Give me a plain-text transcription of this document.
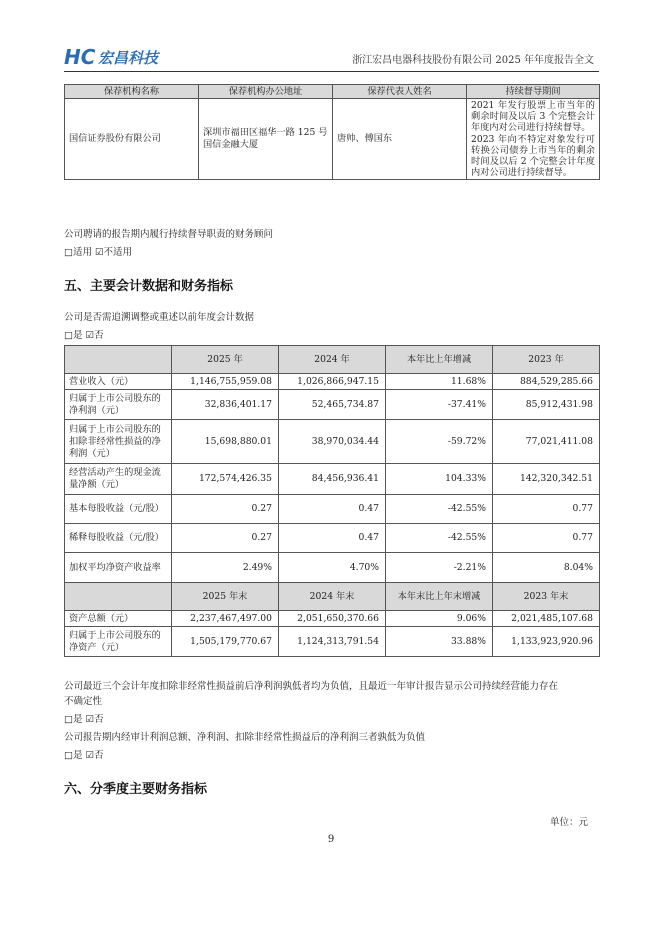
HC 宏昌科技	浙江宏昌电器科技股份有限公司 2025 年年度报告全文
保荐机构名称	保荐机构办公地址	保荐代表人姓名	持续督导期间
国信证券股份有限公司	深圳市福田区福华一路 125 号国信金融大厦	唐帅、傅国东	2021 年发行股票上市当年的剩余时间及以后 3 个完整会计年度内对公司进行持续督导。
2023 年向不特定对象发行可转换公司债券上市当年的剩余时间及以后 2 个完整会计年度内对公司进行持续督导。
公司聘请的报告期内履行持续督导职责的财务顾问
□适用 ☑不适用
五、主要会计数据和财务指标
公司是否需追溯调整或重述以前年度会计数据
□是 ☑否
	2025 年	2024 年	本年比上年增减	2023 年
营业收入（元）	1,146,755,959.08	1,026,866,947.15	11.68%	884,529,285.66
归属于上市公司股东的净利润（元）	32,836,401.17	52,465,734.87	-37.41%	85,912,431.98
归属于上市公司股东的扣除非经常性损益的净利润（元）	15,698,880.01	38,970,034.44	-59.72%	77,021,411.08
经营活动产生的现金流量净额（元）	172,574,426.35	84,456,936.41	104.33%	142,320,342.51
基本每股收益（元/股）	0.27	0.47	-42.55%	0.77
稀释每股收益（元/股）	0.27	0.47	-42.55%	0.77
加权平均净资产收益率	2.49%	4.70%	-2.21%	8.04%
	2025 年末	2024 年末	本年末比上年末增减	2023 年末
资产总额（元）	2,237,467,497.00	2,051,650,370.66	9.06%	2,021,485,107.68
归属于上市公司股东的净资产（元）	1,505,179,770.67	1,124,313,791.54	33.88%	1,133,923,920.96
公司最近三个会计年度扣除非经常性损益前后净利润孰低者均为负值，且最近一年审计报告显示公司持续经营能力存在
不确定性
□是 ☑否
公司报告期内经审计利润总额、净利润、扣除非经常性损益后的净利润三者孰低为负值
□是 ☑否
六、分季度主要财务指标
单位：元
9
